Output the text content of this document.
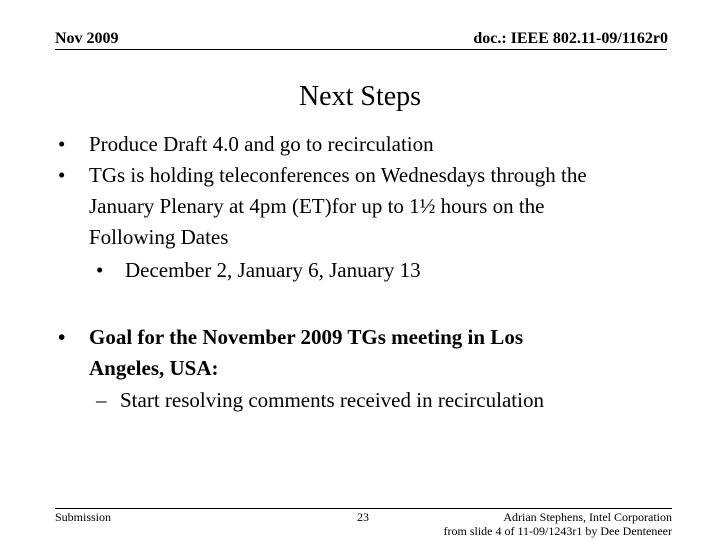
Nov 2009	doc.: IEEE 802.11-09/1162r0
Next Steps
• Produce Draft 4.0 and go to recirculation
• TGs is holding teleconferences on Wednesdays through the
January Plenary at 4pm (ET)for up to 1½ hours on the
Following Dates
• December 2, January 6, January 13
• Goal for the November 2009 TGs meeting in Los
Angeles, USA:
– Start resolving comments received in recirculation
Submission	23	Adrian Stephens, Intel Corporation
from slide 4 of 11-09/1243r1 by Dee Denteneer
